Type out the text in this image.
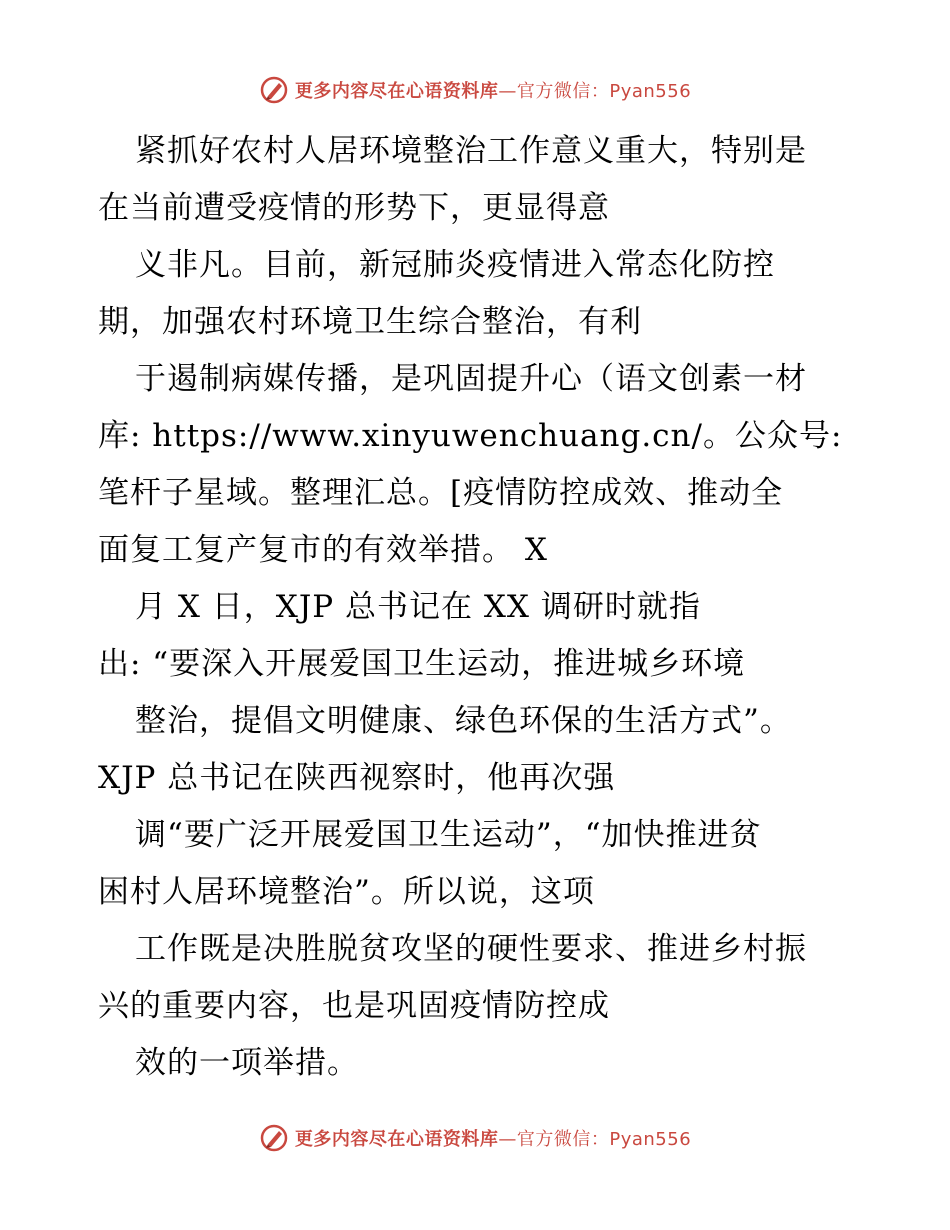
更多内容尽在心语资料库—官方微信：Pyan556
紧抓好农村人居环境整治工作意义重大，特别是
在当前遭受疫情的形势下，更显得意
义非凡。目前，新冠肺炎疫情进入常态化防控
期，加强农村环境卫生综合整治，有利
于遏制病媒传播，是巩固提升心（语文创素一材
库: https://www.xinyuwenchuang.cn/。公众号:
笔杆子星域。整理汇总。[疫情防控成效、推动全
面复工复产复市的有效举措。 X
月 X 日，XJP 总书记在 XX 调研时就指
出: “要深入开展爱国卫生运动，推进城乡环境
整治，提倡文明健康、绿色环保的生活方式”。
XJP 总书记在陕西视察时，他再次强
调“要广泛开展爱国卫生运动”，“加快推进贫
困村人居环境整治”。所以说，这项
工作既是决胜脱贫攻坚的硬性要求、推进乡村振
兴的重要内容，也是巩固疫情防控成
效的一项举措。
更多内容尽在心语资料库—官方微信：Pyan556
